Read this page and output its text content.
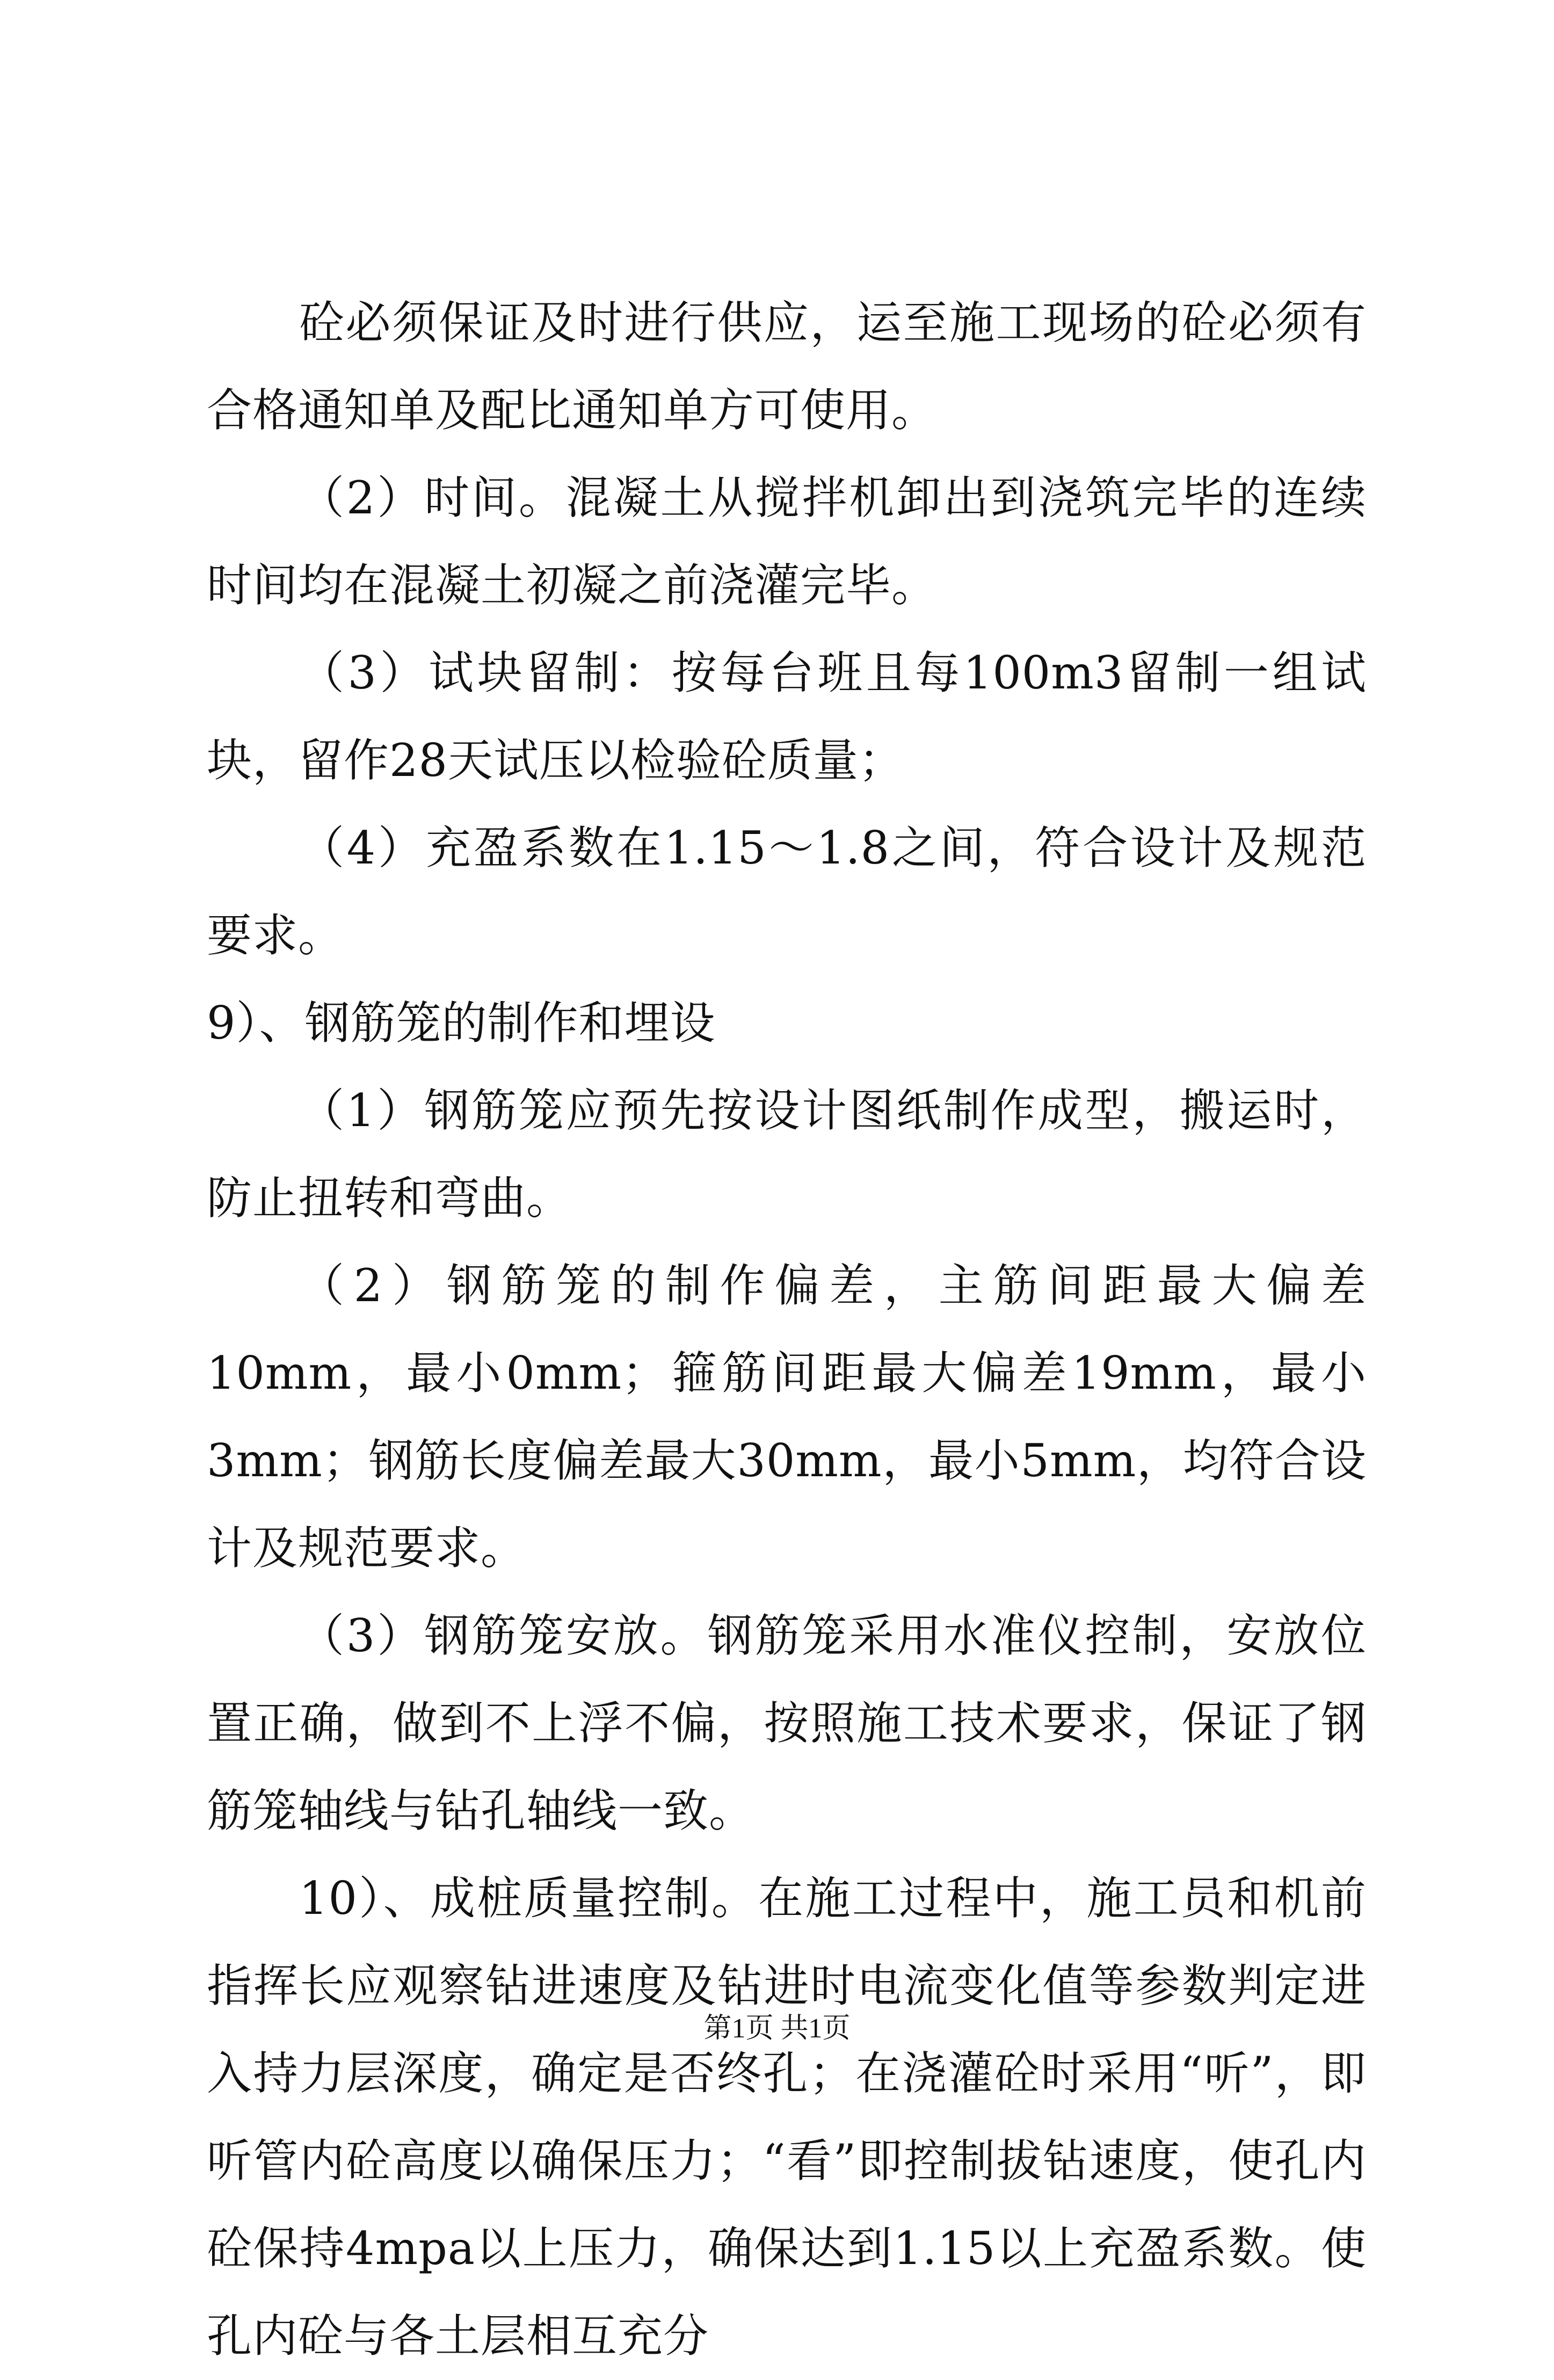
砼必须保证及时进行供应，运至施工现场的砼必须有合格通知单及配比通知单方可使用。

（2）时间。混凝土从搅拌机卸出到浇筑完毕的连续时间均在混凝土初凝之前浇灌完毕。

（3）试块留制：按每台班且每100m3留制一组试块，留作28天试压以检验砼质量；

（4）充盈系数在1.15～1.8之间，符合设计及规范要求。

9）、钢筋笼的制作和埋设

（1）钢筋笼应预先按设计图纸制作成型，搬运时，防止扭转和弯曲。

（2）钢筋笼的制作偏差，主筋间距最大偏差10mm，最小0mm；箍筋间距最大偏差19mm，最小3mm；钢筋长度偏差最大30mm，最小5mm，均符合设计及规范要求。

（3）钢筋笼安放。钢筋笼采用水准仪控制，安放位置正确，做到不上浮不偏，按照施工技术要求，保证了钢筋笼轴线与钻孔轴线一致。

10）、成桩质量控制。在施工过程中，施工员和机前指挥长应观察钻进速度及钻进时电流变化值等参数判定进入持力层深度，确定是否终孔；在浇灌砼时采用“听”，即听管内砼高度以确保压力；“看”即控制拔钻速度，使孔内砼保持4mpa以上压力，确保达到1.15以上充盈系数。使孔内砼与各土层相互充分

第1页 共1页
